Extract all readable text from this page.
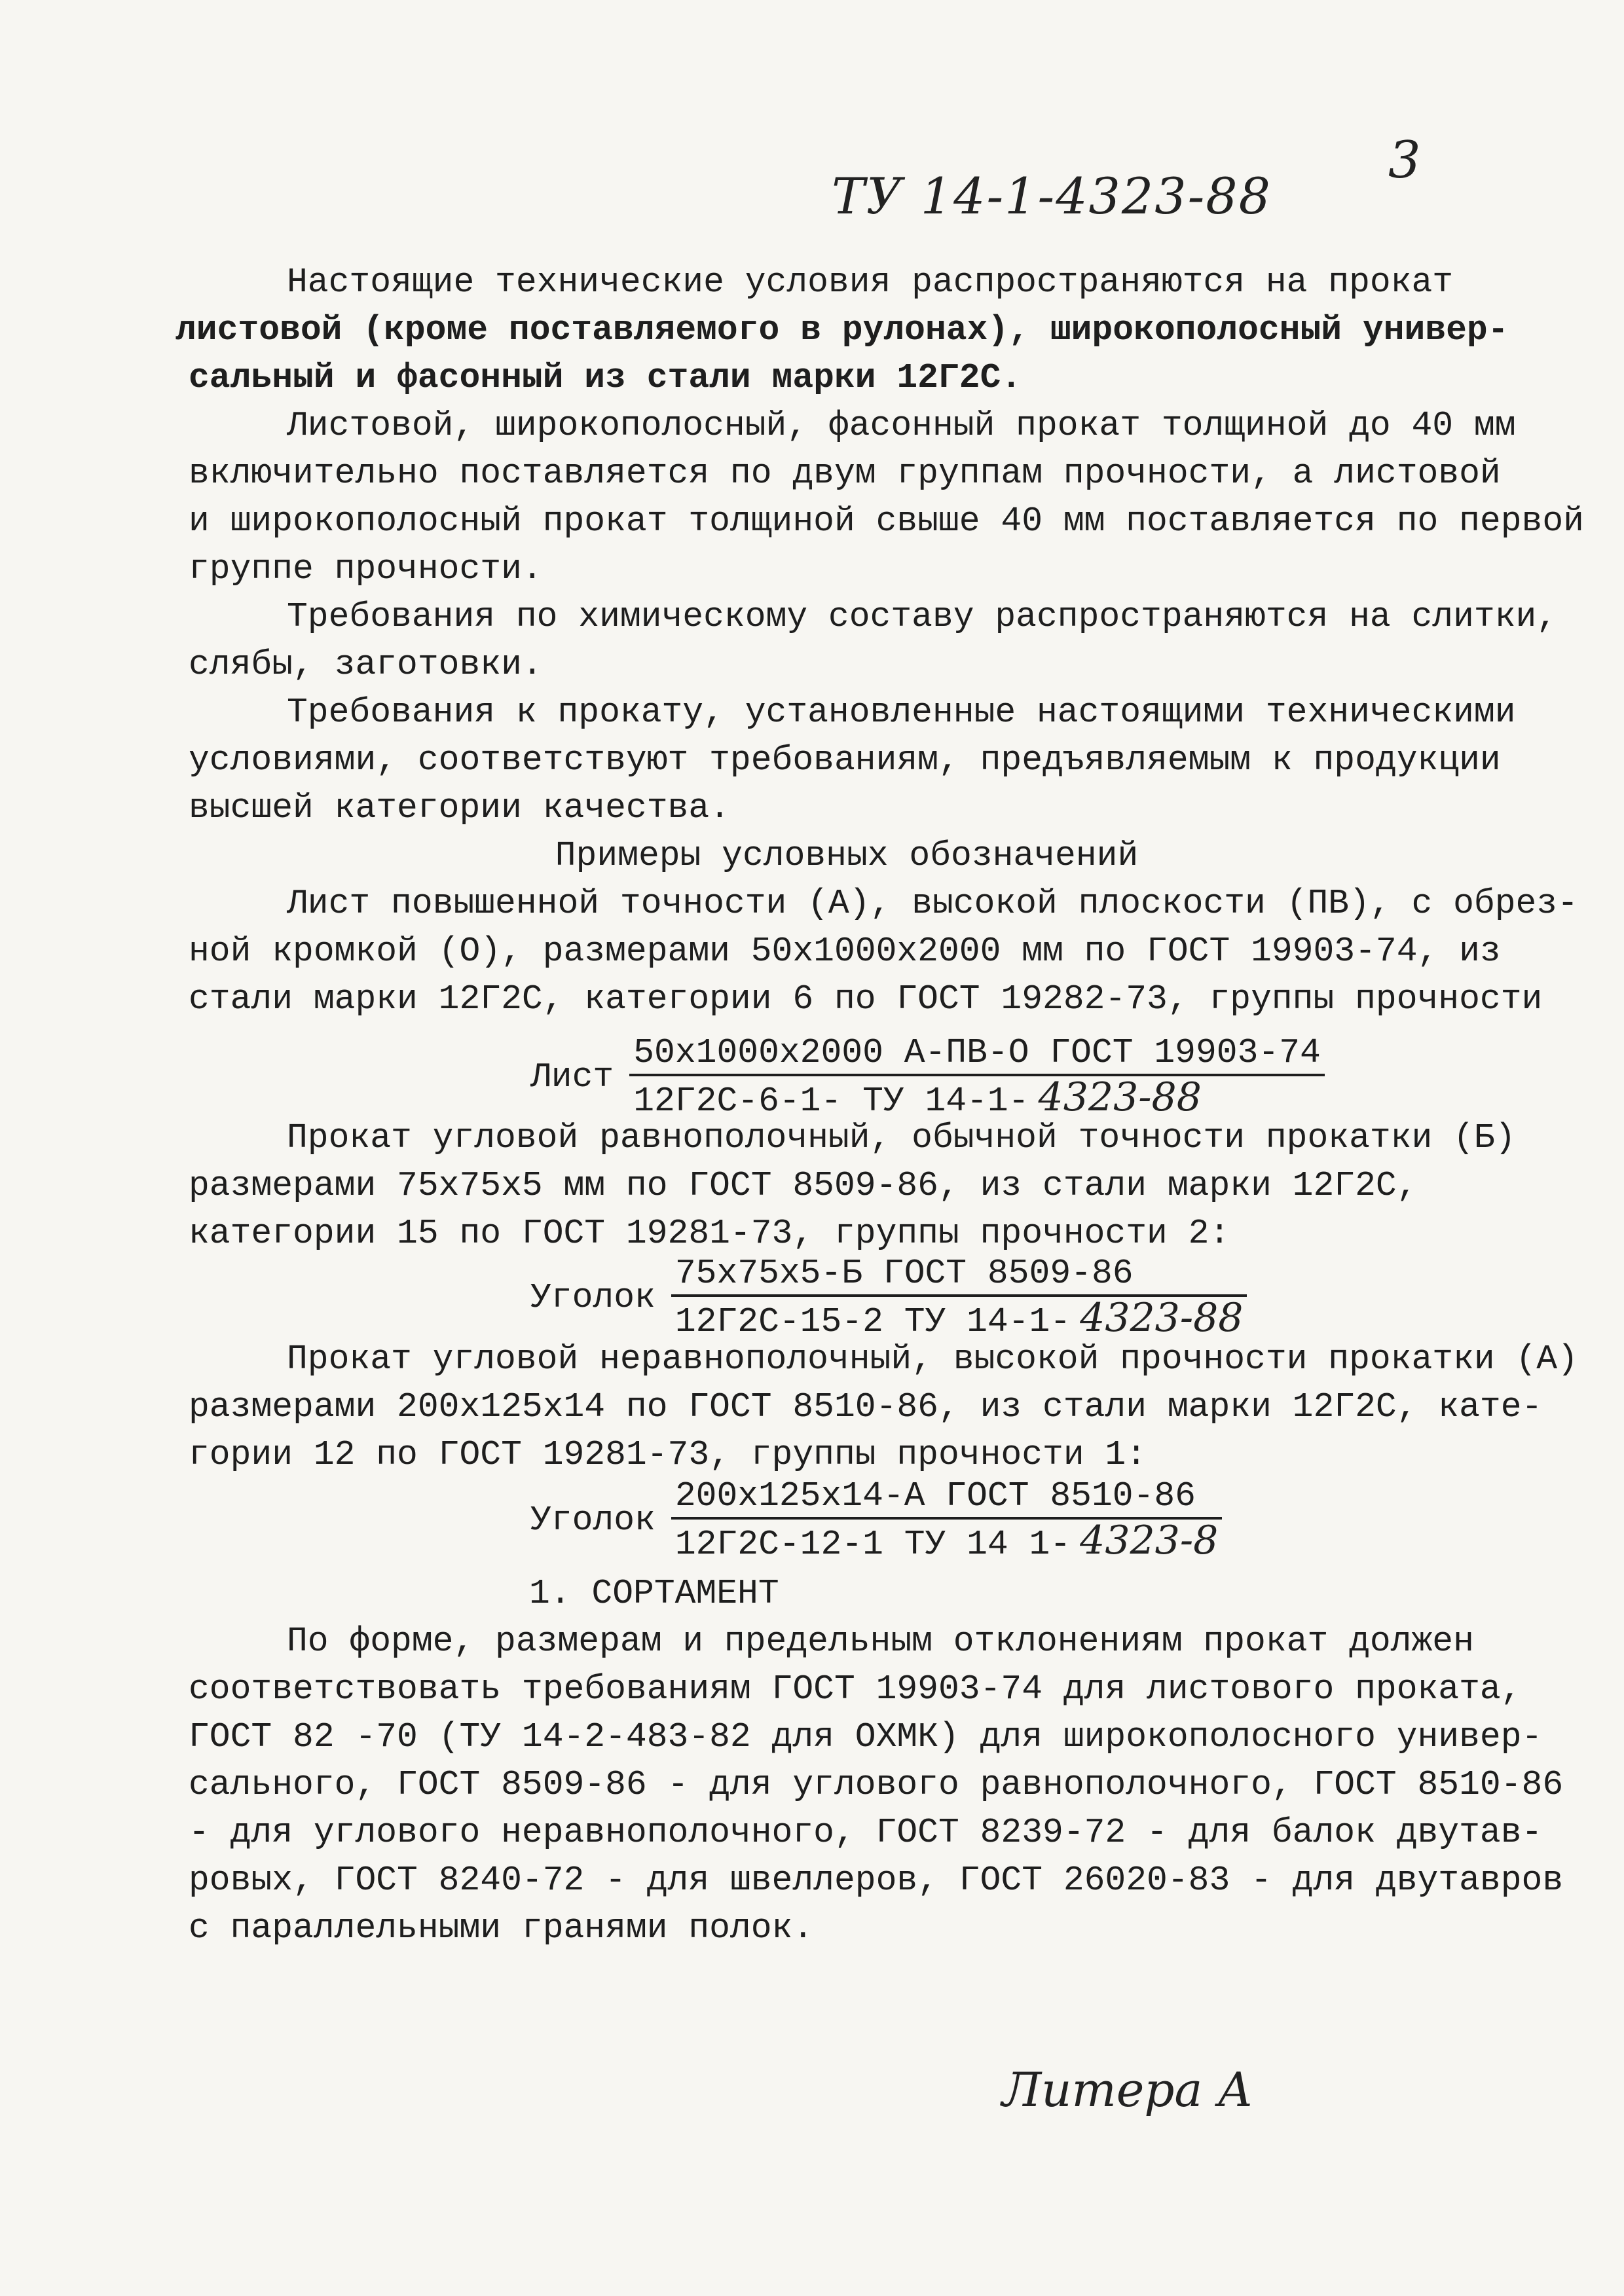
3
ТУ 14-1-4323-88
Настоящие технические условия распространяются на прокат
листовой (кроме поставляемого в рулонах), широкополосный универ-
сальный и фасонный из стали марки 12Г2С.
Листовой, широкополосный, фасонный прокат толщиной до 40 мм
включительно поставляется по двум группам прочности, а листовой
и широкополосный прокат толщиной свыше 40 мм поставляется по первой
группе прочности.
Требования по химическому составу распространяются на слитки,
слябы, заготовки.
Требования к прокату, установленные настоящими техническими
условиями, соответствуют требованиям, предъявляемым к продукции
высшей категории качества.
Примеры условных обозначений
Лист повышенной точности (А), высокой плоскости (ПВ), с обрез-
ной кромкой (О), размерами 50х1000х2000 мм по ГОСТ 19903-74, из
стали марки 12Г2С, категории 6 по ГОСТ 19282-73, группы прочности
Лист $\frac{\text{50х1000х2000 А-ПВ-О ГОСТ 19903-74}}{12Г2С-6-1- ТУ 14-1- 4323-88}$
Прокат угловой равнополочный, обычной точности прокатки (Б)
размерами 75х75х5 мм по ГОСТ 8509-86, из стали марки 12Г2С,
категории 15 по ГОСТ 19281-73, группы прочности 2:
Уголок $\frac{\text{75х75х5-Б ГОСТ 8509-86}}{12Г2С-15-2 ТУ 14-1- 4323-88}$
Прокат угловой неравнополочный, высокой прочности прокатки (А)
размерами 200х125х14 по ГОСТ 8510-86, из стали марки 12Г2С, кате-
гории 12 по ГОСТ 19281-73, группы прочности 1:
Уголок $\frac{\text{200х125х14-А ГОСТ 8510-86}}{12Г2С-12-1 ТУ 14 1- 4323-8}$
1. СОРТАМЕНТ
По форме, размерам и предельным отклонениям прокат должен
соответствовать требованиям ГОСТ 19903-74 для листового проката,
ГОСТ 82 -70 (ТУ 14-2-483-82 для ОХМК) для широкополосного универ-
сального, ГОСТ 8509-86 - для углового равнополочного, ГОСТ 8510-86
- для углового неравнополочного, ГОСТ 8239-72 - для балок двутав-
ровых, ГОСТ 8240-72 - для швеллеров, ГОСТ 26020-83 - для двутавров
с параллельными гранями полок.
Литера А
